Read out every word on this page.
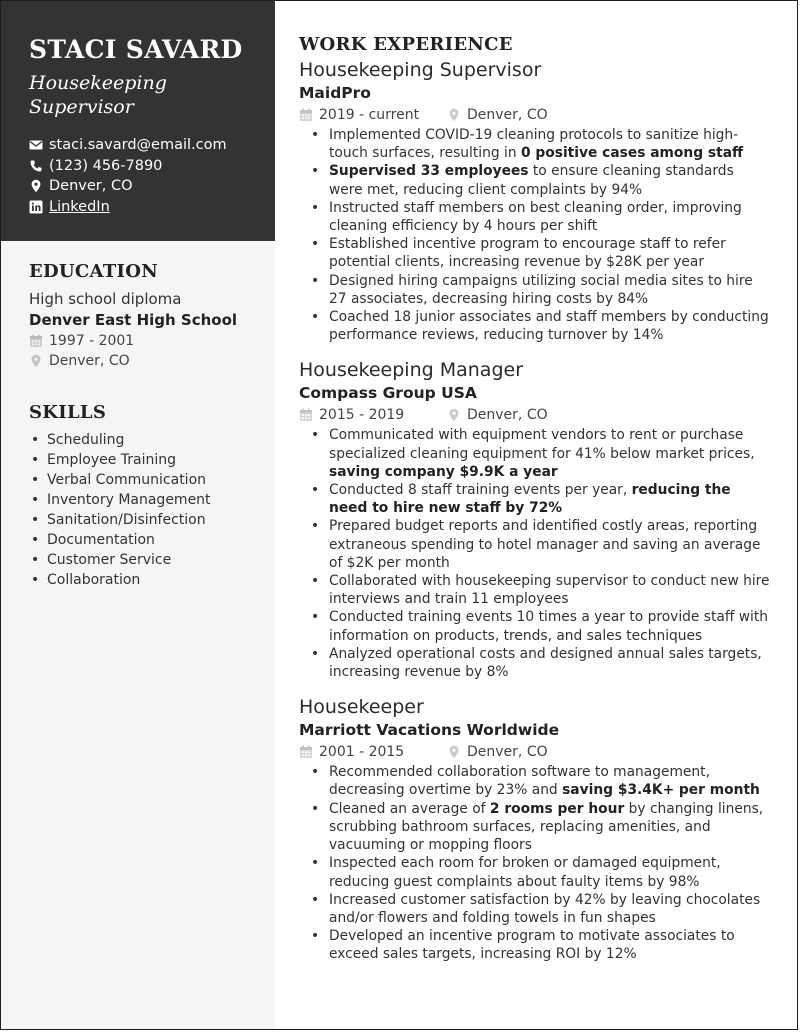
STACI SAVARD
Housekeeping Supervisor
staci.savard@email.com
(123) 456-7890
Denver, CO
LinkedIn
EDUCATION
High school diploma
Denver East High School
1997 - 2001
Denver, CO
SKILLS
• Scheduling
• Employee Training
• Verbal Communication
• Inventory Management
• Sanitation/Disinfection
• Documentation
• Customer Service
• Collaboration
WORK EXPERIENCE
Housekeeping Supervisor
MaidPro
2019 - current	Denver, CO
• Implemented COVID-19 cleaning protocols to sanitize high-touch surfaces, resulting in 0 positive cases among staff
• Supervised 33 employees to ensure cleaning standards were met, reducing client complaints by 94%
• Instructed staff members on best cleaning order, improving cleaning efficiency by 4 hours per shift
• Established incentive program to encourage staff to refer potential clients, increasing revenue by $28K per year
• Designed hiring campaigns utilizing social media sites to hire 27 associates, decreasing hiring costs by 84%
• Coached 18 junior associates and staff members by conducting performance reviews, reducing turnover by 14%
Housekeeping Manager
Compass Group USA
2015 - 2019	Denver, CO
• Communicated with equipment vendors to rent or purchase specialized cleaning equipment for 41% below market prices, saving company $9.9K a year
• Conducted 8 staff training events per year, reducing the need to hire new staff by 72%
• Prepared budget reports and identified costly areas, reporting extraneous spending to hotel manager and saving an average of $2K per month
• Collaborated with housekeeping supervisor to conduct new hire interviews and train 11 employees
• Conducted training events 10 times a year to provide staff with information on products, trends, and sales techniques
• Analyzed operational costs and designed annual sales targets, increasing revenue by 8%
Housekeeper
Marriott Vacations Worldwide
2001 - 2015	Denver, CO
• Recommended collaboration software to management, decreasing overtime by 23% and saving $3.4K+ per month
• Cleaned an average of 2 rooms per hour by changing linens, scrubbing bathroom surfaces, replacing amenities, and vacuuming or mopping floors
• Inspected each room for broken or damaged equipment, reducing guest complaints about faulty items by 98%
• Increased customer satisfaction by 42% by leaving chocolates and/or flowers and folding towels in fun shapes
• Developed an incentive program to motivate associates to exceed sales targets, increasing ROI by 12%
